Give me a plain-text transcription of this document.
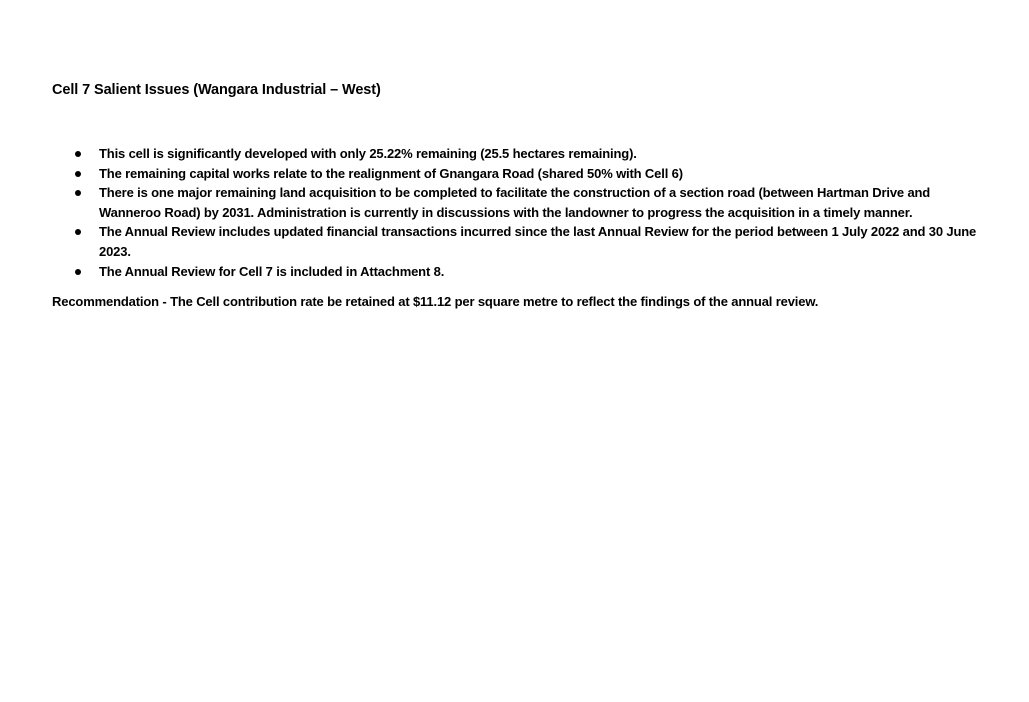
Cell 7 Salient Issues (Wangara Industrial – West)
This cell is significantly developed with only 25.22% remaining (25.5 hectares remaining).
The remaining capital works relate to the realignment of Gnangara Road (shared 50% with Cell 6)
There is one major remaining land acquisition to be completed to facilitate the construction of a section road (between Hartman Drive and Wanneroo Road) by 2031. Administration is currently in discussions with the landowner to progress the acquisition in a timely manner.
The Annual Review includes updated financial transactions incurred since the last Annual Review for the period between 1 July 2022 and 30 June 2023.
The Annual Review for Cell 7 is included in Attachment 8.
Recommendation - The Cell contribution rate be retained at $11.12 per square metre to reflect the findings of the annual review.
